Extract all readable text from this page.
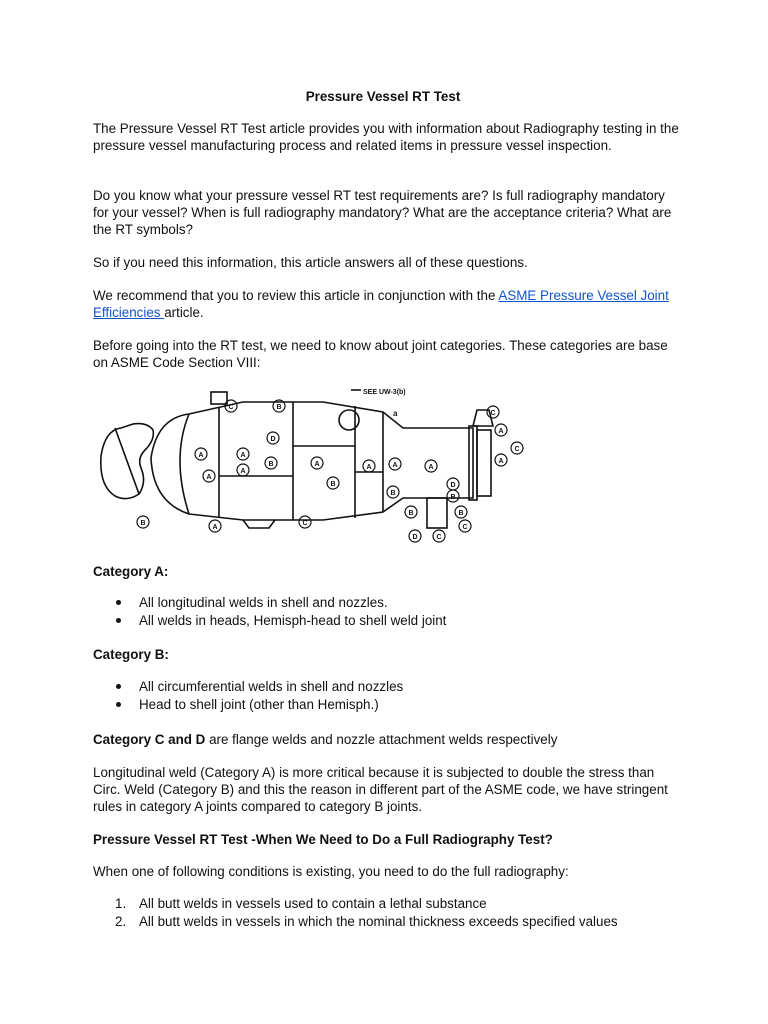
Pressure Vessel RT Test

The Pressure Vessel RT Test article provides you with information about Radiography testing in the pressure vessel manufacturing process and related items in pressure vessel inspection.

Do you know what your pressure vessel RT test requirements are? Is full radiography mandatory for your vessel? When is full radiography mandatory? What are the acceptance criteria? What are the RT symbols?

So if you need this information, this article answers all of these questions.

We recommend that you to review this article in conjunction with the ASME Pressure Vessel Joint Efficiencies article.

Before going into the RT test, we need to know about joint categories. These categories are base on ASME Code Section VIII:

SEE UW-3(b)
a
C	B
D
A	A
A
A
B	A
B
A	A
B
A
D
B
A
C
A
C
B
A
C
B	B
D	C
C

Category A:

All longitudinal welds in shell and nozzles.
All welds in heads, Hemisph-head to shell weld joint

Category B:

All circumferential welds in shell and nozzles
Head to shell joint (other than Hemisph.)

Category C and D are flange welds and nozzle attachment welds respectively

Longitudinal weld (Category A) is more critical because it is subjected to double the stress than Circ. Weld (Category B) and this the reason in different part of the ASME code, we have stringent rules in category A joints compared to category B joints.

Pressure Vessel RT Test -When We Need to Do a Full Radiography Test?

When one of following conditions is existing, you need to do the full radiography:

1. All butt welds in vessels used to contain a lethal substance
2. All butt welds in vessels in which the nominal thickness exceeds specified values
